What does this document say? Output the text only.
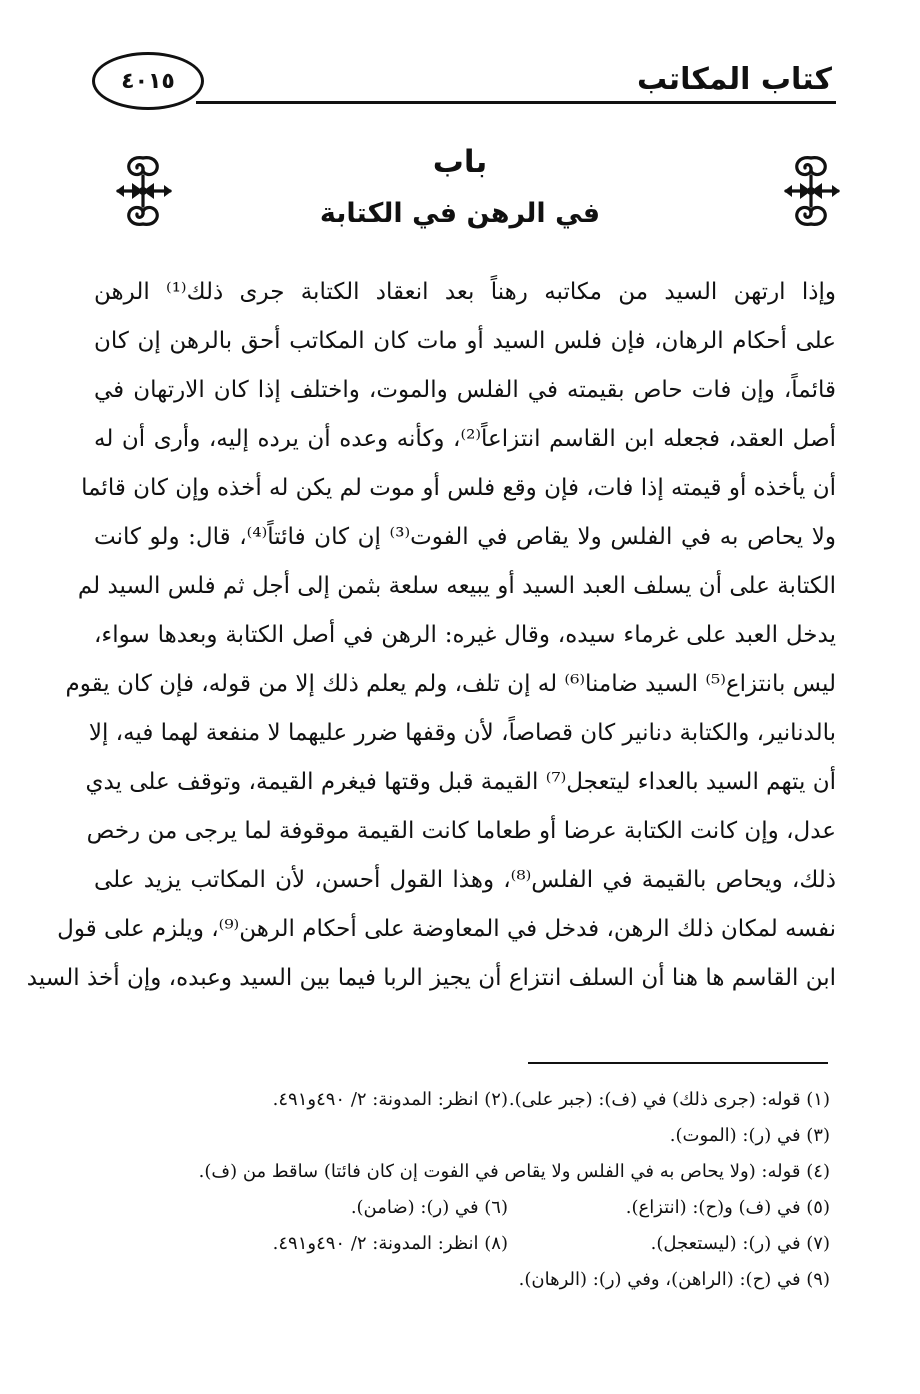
كتاب المكاتب
٤٠١٥
باب
في الرهن في الكتابة
وإذا ارتهن السيد من مكاتبه رهناً بعد انعقاد الكتابة جرى ذلك⁽¹⁾ الرهن
على أحكام الرهان، فإن فلس السيد أو مات كان المكاتب أحق بالرهن إن كان
قائماً، وإن فات حاص بقيمته في الفلس والموت، واختلف إذا كان الارتهان في
أصل العقد، فجعله ابن القاسم انتزاعاً⁽²⁾، وكأنه وعده أن يرده إليه، وأرى أن له
أن يأخذه أو قيمته إذا فات، فإن وقع فلس أو موت لم يكن له أخذه وإن كان قائما
ولا يحاص به في الفلس ولا يقاص في الفوت⁽³⁾ إن كان فائتاً⁽⁴⁾، قال: ولو كانت
الكتابة على أن يسلف العبد السيد أو يبيعه سلعة بثمن إلى أجل ثم فلس السيد لم
يدخل العبد على غرماء سيده، وقال غيره: الرهن في أصل الكتابة وبعدها سواء،
ليس بانتزاع⁽⁵⁾ السيد ضامنا⁽⁶⁾ له إن تلف، ولم يعلم ذلك إلا من قوله، فإن كان يقوم
بالدنانير، والكتابة دنانير كان قصاصاً، لأن وقفها ضرر عليهما لا منفعة لهما فيه، إلا
أن يتهم السيد بالعداء ليتعجل⁽⁷⁾ القيمة قبل وقتها فيغرم القيمة، وتوقف على يدي
عدل، وإن كانت الكتابة عرضا أو طعاما كانت القيمة موقوفة لما يرجى من رخص
ذلك، ويحاص بالقيمة في الفلس⁽⁸⁾، وهذا القول أحسن، لأن المكاتب يزيد على
نفسه لمكان ذلك الرهن، فدخل في المعاوضة على أحكام الرهن⁽⁹⁾، ويلزم على قول
ابن القاسم ها هنا أن السلف انتزاع أن يجيز الربا فيما بين السيد وعبده، وإن أخذ السيد
(١) قوله: (جرى ذلك) في (ف): (جبر على).(٢) انظر: المدونة: ٢/ ٤٩٠و٤٩١.
(٣) في (ر): (الموت).
(٤) قوله: (ولا يحاص به في الفلس ولا يقاص في الفوت إن كان فائتا) ساقط من (ف).
(٥) في (ف) و(ح): (انتزاع).(٦) في (ر): (ضامن).
(٧) في (ر): (ليستعجل).(٨) انظر: المدونة: ٢/ ٤٩٠و٤٩١.
(٩) في (ح): (الراهن)، وفي (ر): (الرهان).
